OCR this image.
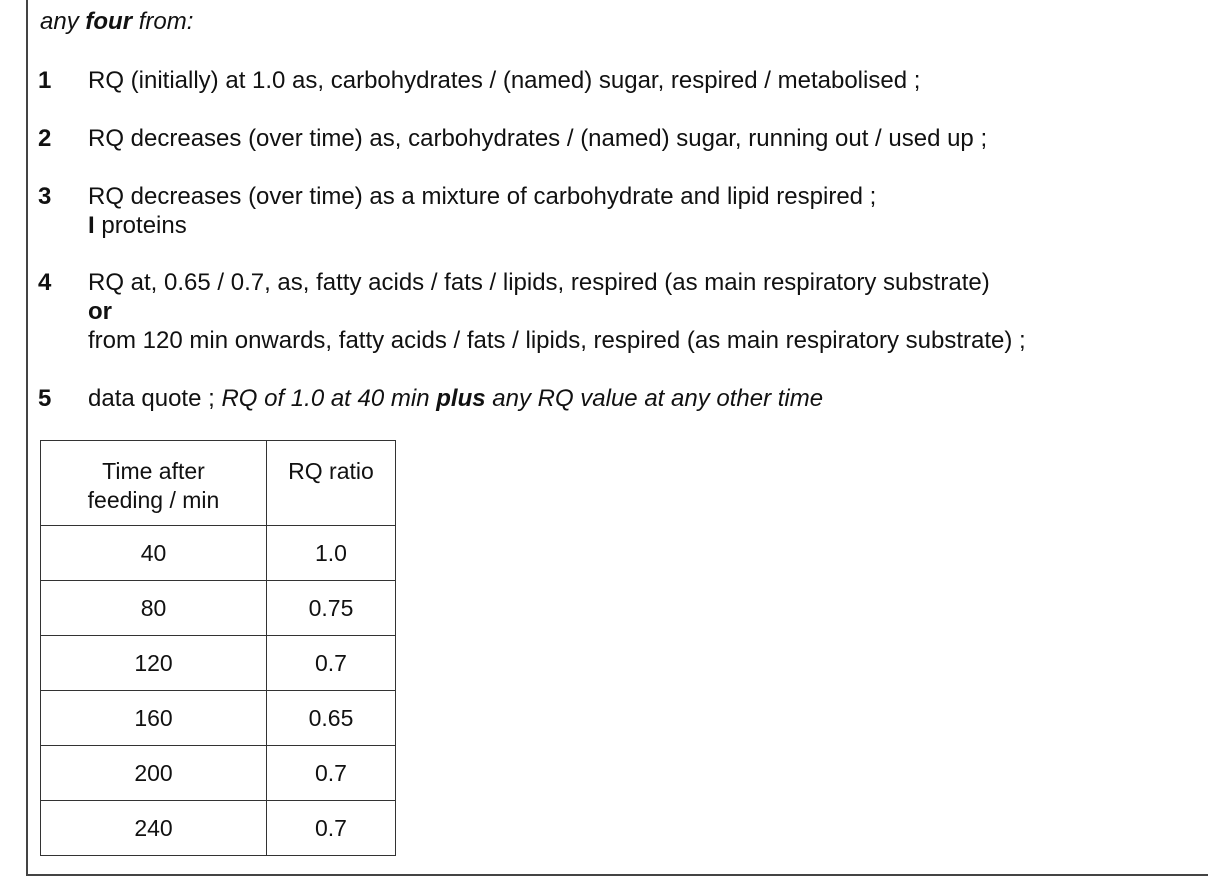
any four from:
1	RQ (initially) at 1.0 as, carbohydrates / (named) sugar, respired / metabolised ;
2	RQ decreases (over time) as, carbohydrates / (named) sugar, running out / used up ;
3	RQ decreases (over time) as a mixture of carbohydrate and lipid respired ;
I proteins
4	RQ at, 0.65 / 0.7, as, fatty acids / fats / lipids, respired (as main respiratory substrate)
or
from 120 min onwards, fatty acids / fats / lipids, respired (as main respiratory substrate) ;
5	data quote ; RQ of 1.0 at 40 min plus any RQ value at any other time
Time after
feeding / min	RQ ratio
40	1.0
80	0.75
120	0.7
160	0.65
200	0.7
240	0.7
